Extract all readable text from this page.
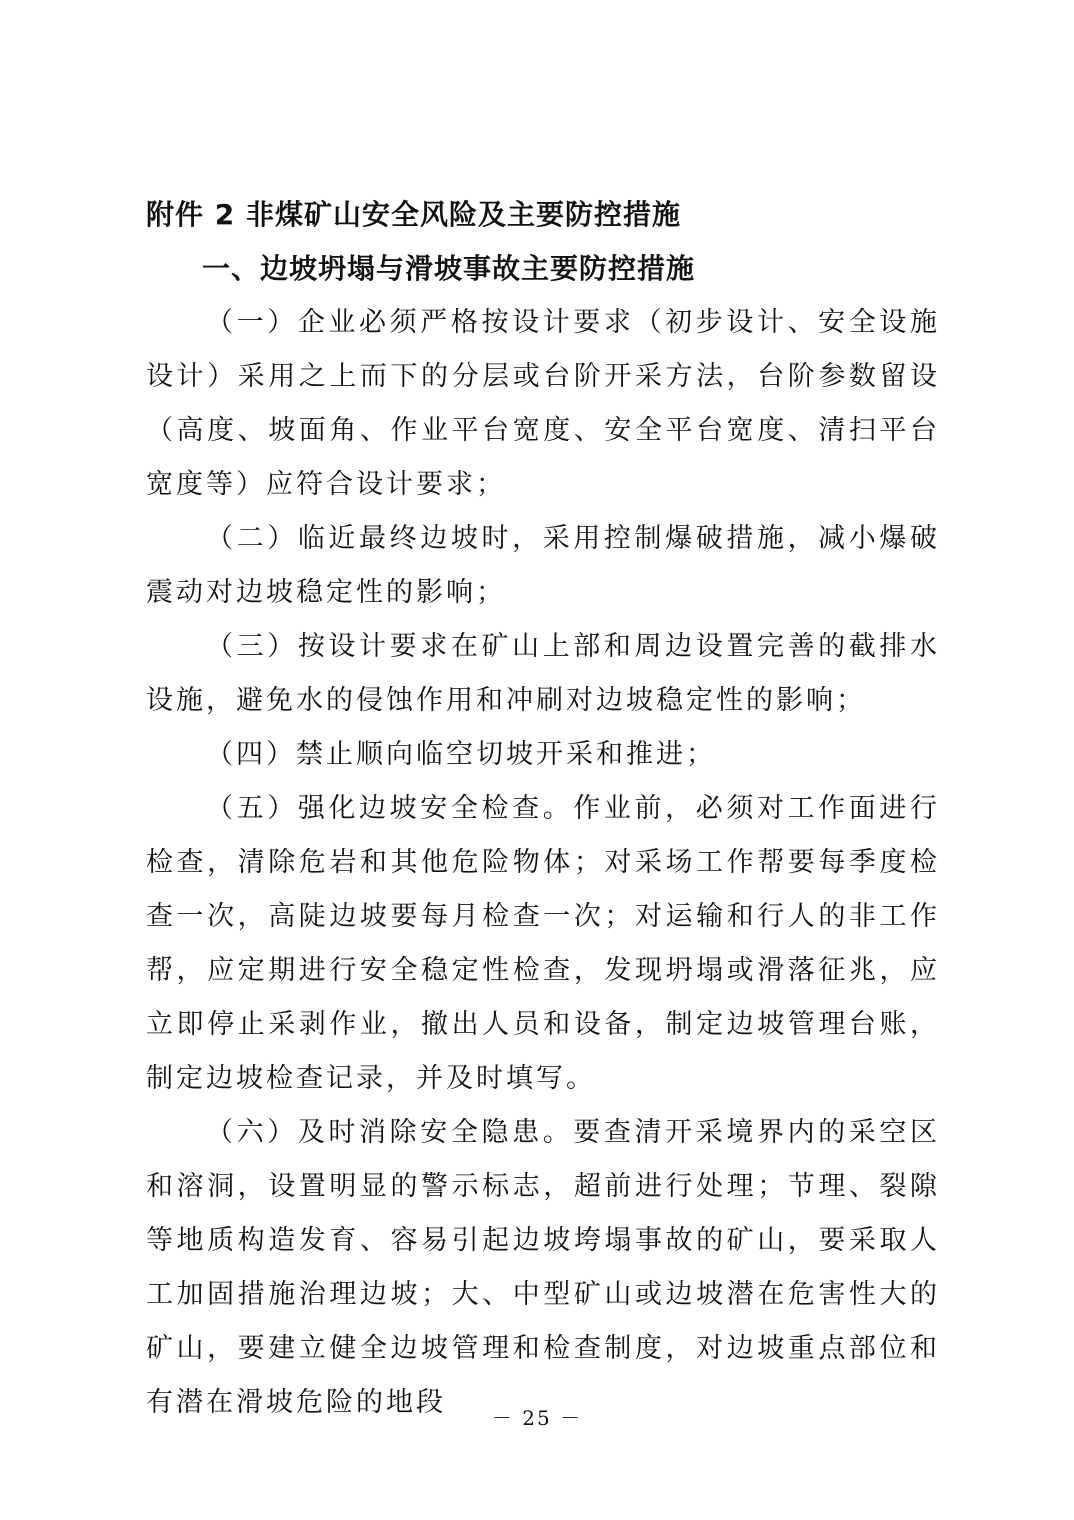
附件 2 非煤矿山安全风险及主要防控措施

一、边坡坍塌与滑坡事故主要防控措施

（一）企业必须严格按设计要求（初步设计、安全设施设计）采用之上而下的分层或台阶开采方法，台阶参数留设（高度、坡面角、作业平台宽度、安全平台宽度、清扫平台宽度等）应符合设计要求；

（二）临近最终边坡时，采用控制爆破措施，减小爆破震动对边坡稳定性的影响；

（三）按设计要求在矿山上部和周边设置完善的截排水设施，避免水的侵蚀作用和冲刷对边坡稳定性的影响；

（四）禁止顺向临空切坡开采和推进；

（五）强化边坡安全检查。作业前，必须对工作面进行检查，清除危岩和其他危险物体；对采场工作帮要每季度检查一次，高陡边坡要每月检查一次；对运输和行人的非工作帮，应定期进行安全稳定性检查，发现坍塌或滑落征兆，应立即停止采剥作业，撤出人员和设备，制定边坡管理台账，制定边坡检查记录，并及时填写。

（六）及时消除安全隐患。要查清开采境界内的采空区和溶洞，设置明显的警示标志，超前进行处理；节理、裂隙等地质构造发育、容易引起边坡垮塌事故的矿山，要采取人工加固措施治理边坡；大、中型矿山或边坡潜在危害性大的矿山，要建立健全边坡管理和检查制度，对边坡重点部位和有潜在滑坡危险的地段	－ 25 －
